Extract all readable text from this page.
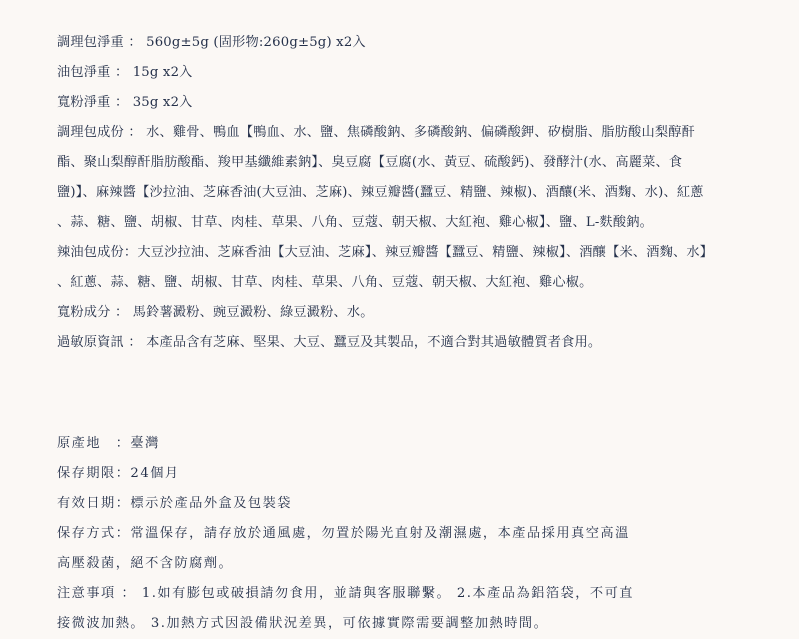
調理包淨重 ： 560g±5g (固形物:260g±5g) x2入
油包淨重 ： 15g x2入
寬粉淨重 ： 35g x2入
調理包成份 ： 水、雞骨、鴨血【鴨血、水、鹽、焦磷酸鈉、多磷酸鈉、偏磷酸鉀、矽樹脂、脂肪酸山梨醇酐
酯、聚山梨醇酐脂肪酸酯、羧甲基纖維素鈉】、臭豆腐【豆腐(水、黃豆、硫酸鈣)、發酵汁(水、高麗菜、食
鹽)】、麻辣醬【沙拉油、芝麻香油(大豆油、芝麻)、辣豆瓣醬(蠶豆、精鹽、辣椒)、酒釀(米、酒麴、水)、紅蔥
、蒜、糖、鹽、胡椒、甘草、肉桂、草果、八角、豆蔻、朝天椒、大紅袍、雞心椒】、鹽、L-麩酸鈉。
辣油包成份：大豆沙拉油、芝麻香油【大豆油、芝麻】、辣豆瓣醬【蠶豆、精鹽、辣椒】、酒釀【米、酒麴、水】
、紅蔥、蒜、糖、鹽、胡椒、甘草、肉桂、草果、八角、豆蔻、朝天椒、大紅袍、雞心椒。
寬粉成分 ： 馬鈴薯澱粉、豌豆澱粉、綠豆澱粉、水。
過敏原資訊 ： 本產品含有芝麻、堅果、大豆、蠶豆及其製品，不適合對其過敏體質者食用。
原產地　：臺灣
保存期限：24個月
有效日期：標示於產品外盒及包裝袋
保存方式：常溫保存，請存放於通風處，勿置於陽光直射及潮濕處，本產品採用真空高溫
高壓殺菌，絕不含防腐劑。
注意事項 ： 1.如有膨包或破損請勿食用，並請與客服聯繫。 2.本產品為鋁箔袋，不可直
接微波加熱。 3.加熱方式因設備狀況差異，可依據實際需要調整加熱時間。
